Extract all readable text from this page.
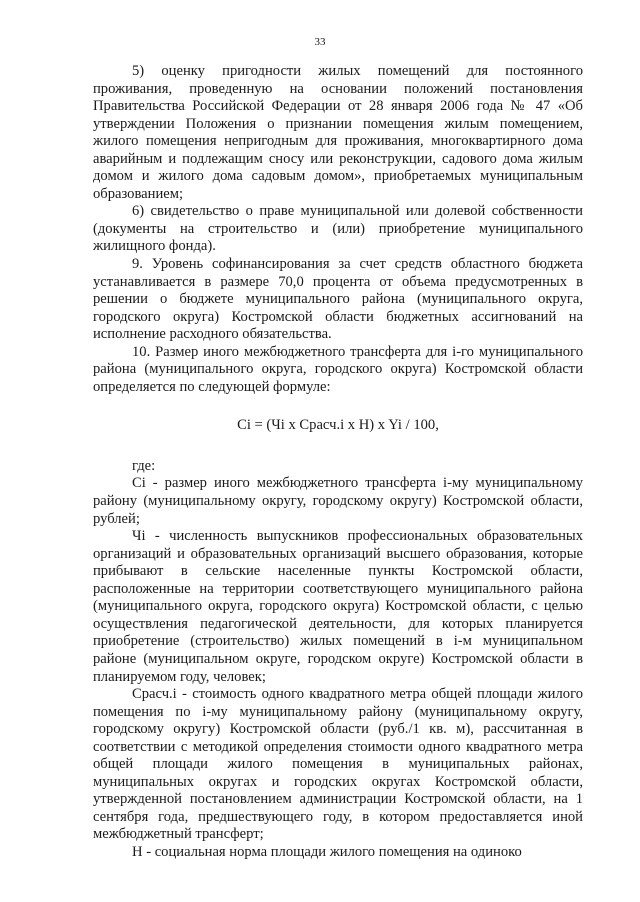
33

5) оценку пригодности жилых помещений для постоянного проживания, проведенную на основании положений постановления Правительства Российской Федерации от 28 января 2006 года № 47 «Об утверждении Положения о признании помещения жилым помещением, жилого помещения непригодным для проживания, многоквартирного дома аварийным и подлежащим сносу или реконструкции, садового дома жилым домом и жилого дома садовым домом», приобретаемых муниципальным образованием;

6) свидетельство о праве муниципальной или долевой собственности (документы на строительство и (или) приобретение муниципального жилищного фонда).

9. Уровень софинансирования за счет средств областного бюджета устанавливается в размере 70,0 процента от объема предусмотренных в решении о бюджете муниципального района (муниципального округа, городского округа) Костромской области бюджетных ассигнований на исполнение расходного обязательства.

10. Размер иного межбюджетного трансферта для i-го муниципального района (муниципального округа, городского округа) Костромской области определяется по следующей формуле:

Ci = (Чi x Срасч.i x H) x Yi / 100,

где:

Ci - размер иного межбюджетного трансферта i-му муниципальному району (муниципальному округу, городскому округу) Костромской области, рублей;

Чi - численность выпускников профессиональных образовательных организаций и образовательных организаций высшего образования, которые прибывают в сельские населенные пункты Костромской области, расположенные на территории соответствующего муниципального района (муниципального округа, городского округа) Костромской области, с целью осуществления педагогической деятельности, для которых планируется приобретение (строительство) жилых помещений в i-м муниципальном районе (муниципальном округе, городском округе) Костромской области в планируемом году, человек;

Срасч.i - стоимость одного квадратного метра общей площади жилого помещения по i-му муниципальному району (муниципальному округу, городскому округу) Костромской области (руб./1 кв. м), рассчитанная в соответствии с методикой определения стоимости одного квадратного метра общей площади жилого помещения в муниципальных районах, муниципальных округах и городских округах Костромской области, утвержденной постановлением администрации Костромской области, на 1 сентября года, предшествующего году, в котором предоставляется иной межбюджетный трансферт;

H - социальная норма площади жилого помещения на одиноко
